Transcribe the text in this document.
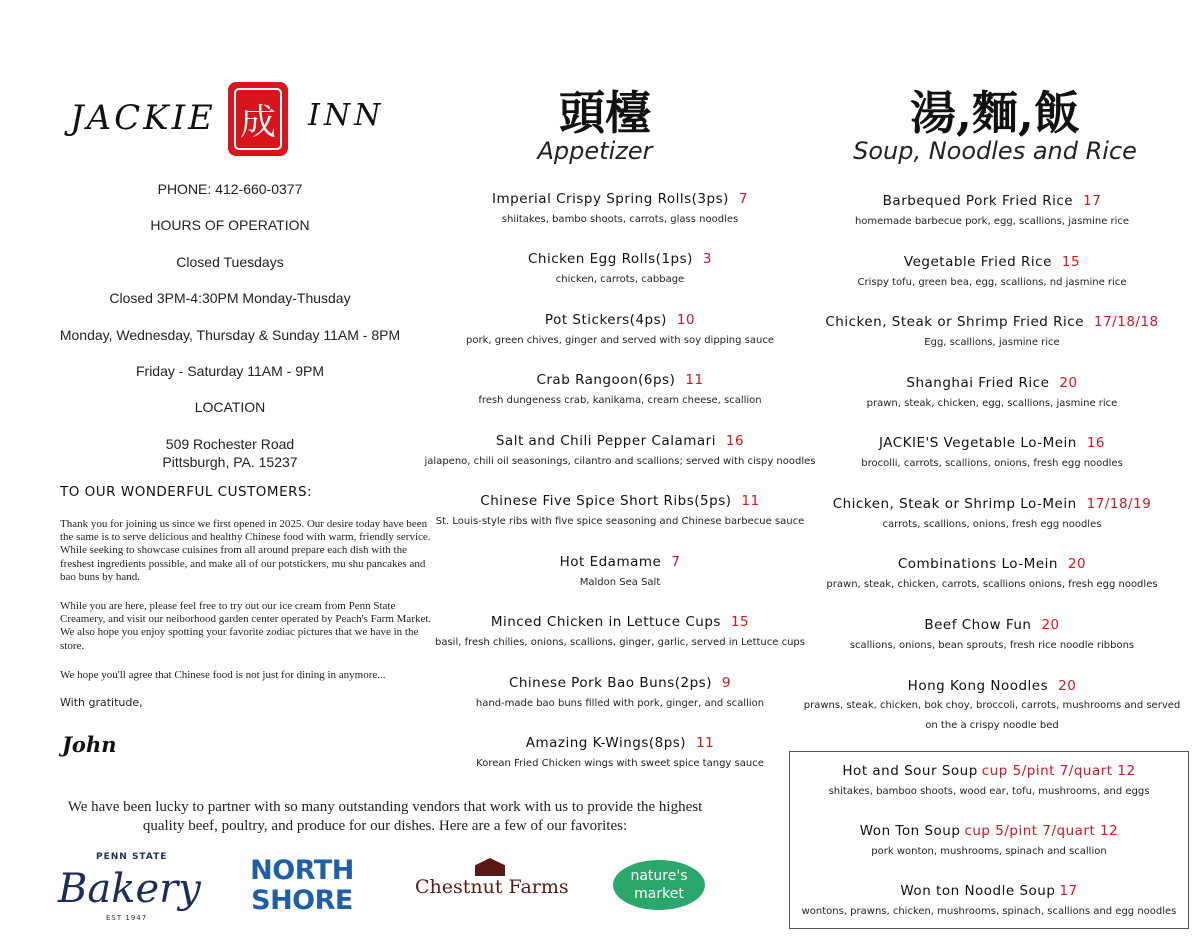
JACKIE 成 INN
PHONE: 412-660-0377
HOURS OF OPERATION
Closed Tuesdays
Closed 3PM-4:30PM Monday-Thusday
Monday, Wednesday, Thursday & Sunday 11AM - 8PM
Friday - Saturday 11AM - 9PM
LOCATION
509 Rochester Road
Pittsburgh, PA. 15237
TO OUR WONDERFUL CUSTOMERS:

Thank you for joining us since we first opened in 2025. Our desire today have been the same is to serve delicious and healthy Chinese food with warm, friendly service. While seeking to showcase cuisines from all around prepare each dish with the freshest ingredients possible, and make all of our potstickers, mu shu pancakes and bao buns by hand.

While you are here, please feel free to try out our ice cream from Penn State Creamery, and visit our neiborhood garden center operated by Peach's Farm Market. We also hope you enjoy spotting your favorite zodiac pictures that we have in the store.

We hope you'll agree that Chinese food is not just for dining in anymore...

With gratitude,
John
We have been lucky to partner with so many outstanding vendors that work with us to provide the highest
quality beef, poultry, and produce for our dishes. Here are a few of our favorites:
PENN STATE
Bakery
EST 1947
NORTH
SHORE	Chestnut Farms	nature's
market
頭檯
Appetizer
Imperial Crispy Spring Rolls(3ps) 7
shiitakes, bambo shoots, carrots, glass noodles
Chicken Egg Rolls(1ps) 3
chicken, carrots, cabbage
Pot Stickers(4ps) 10
pork, green chives, ginger and served with soy dipping sauce
Crab Rangoon(6ps) 11
fresh dungeness crab, kanikama, cream cheese, scallion
Salt and Chili Pepper Calamari 16
jalapeno, chili oil seasonings, cilantro and scallions; served with cispy noodles
Chinese Five Spice Short Ribs(5ps) 11
St. Louis-style ribs with five spice seasoning and Chinese barbecue sauce
Hot Edamame 7
Maldon Sea Salt
Minced Chicken in Lettuce Cups 15
basil, fresh chilies, onions, scallions, ginger, garlic, served in Lettuce cups
Chinese Pork Bao Buns(2ps) 9
hand-made bao buns filled with pork, ginger, and scallion
Amazing K-Wings(8ps) 11
Korean Fried Chicken wings with sweet spice tangy sauce
湯,麵,飯
Soup, Noodles and Rice
Barbequed Pork Fried Rice 17
homemade barbecue pork, egg, scallions, jasmine rice
Vegetable Fried Rice 15
Crispy tofu, green bea, egg, scallions, nd jasmine rice
Chicken, Steak or Shrimp Fried Rice 17/18/18
Egg, scallions, jasmine rice
Shanghai Fried Rice 20
prawn, steak, chicken, egg, scallions, jasmine rice
JACKIE'S Vegetable Lo-Mein 16
brocolli, carrots, scallions, onions, fresh egg noodles
Chicken, Steak or Shrimp Lo-Mein 17/18/19
carrots, scallions, onions, fresh egg noodles
Combinations Lo-Mein 20
prawn, steak, chicken, carrots, scallions onions, fresh egg noodles
Beef Chow Fun 20
scallions, onions, bean sprouts, fresh rice noodle ribbons
Hong Kong Noodles 20
prawns, steak, chicken, bok choy, broccoli, carrots, mushrooms and served on the a crispy noodle bed
Hot and Sour Soup cup 5/pint 7/quart 12
shitakes, bamboo shoots, wood ear, tofu, mushrooms, and eggs
Won Ton Soup cup 5/pint 7/quart 12
pork wonton, mushrooms, spinach and scallion
Won ton Noodle Soup 17
wontons, prawns, chicken, mushrooms, spinach, scallions and egg noodles
